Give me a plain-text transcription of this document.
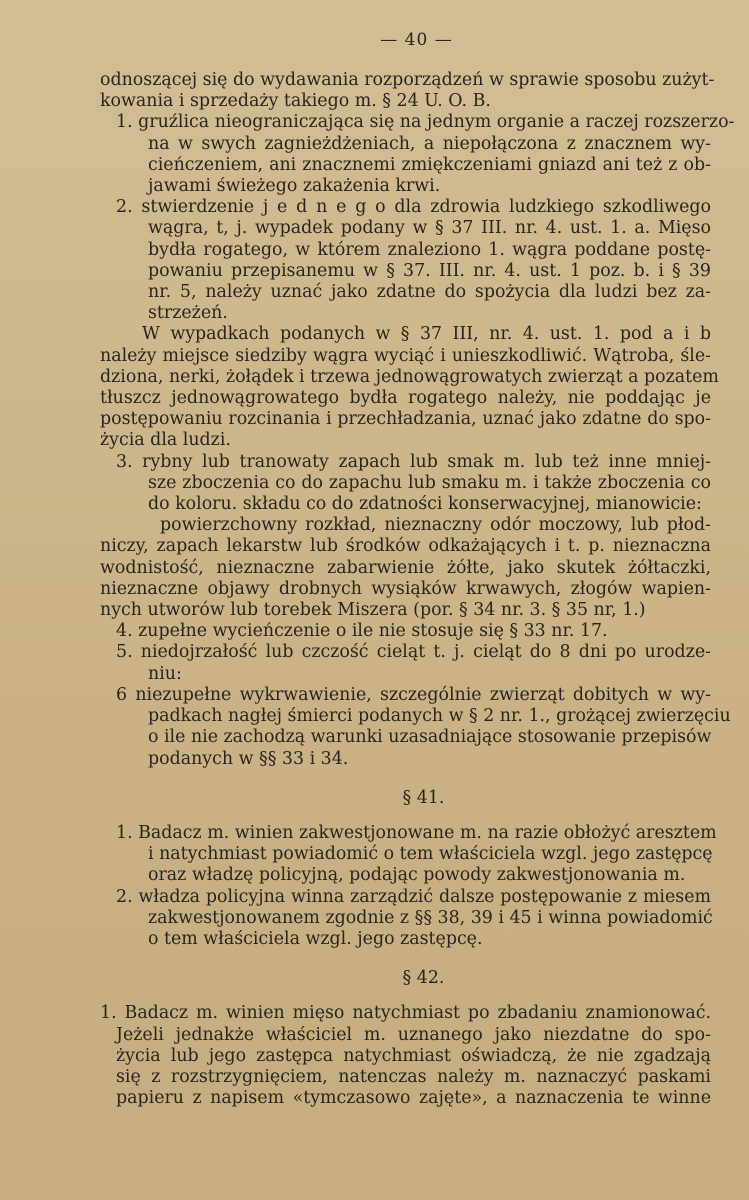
— 40 —
odnoszącej się do wydawania rozporządzeń w sprawie sposobu zużyt-
kowania i sprzedaży takiego m. § 24 U. O. B.
1. gruźlica nieograniczająca się na jednym organie a raczej rozszerzo-
na w swych zagnieżdżeniach, a niepołączona z znacznem wy-
cieńczeniem, ani znacznemi zmiękczeniami gniazd ani też z ob-
jawami świeżego zakażenia krwi.
2. stwierdzenie j e d n e g o dla zdrowia ludzkiego szkodliwego
wągra, t, j. wypadek podany w § 37 III. nr. 4. ust. 1. a. Mięso
bydła rogatego, w którem znaleziono 1. wągra poddane postę-
powaniu przepisanemu w § 37. III. nr. 4. ust. 1 poz. b. i § 39
nr. 5, należy uznać jako zdatne do spożycia dla ludzi bez za-
strzeżeń.
W wypadkach podanych w § 37 III, nr. 4. ust. 1. pod a i b
należy miejsce siedziby wągra wyciąć i unieszkodliwić. Wątroba, śle-
dziona, nerki, żołądek i trzewa jednowągrowatych zwierząt a pozatem
tłuszcz jednowągrowatego bydła rogatego należy, nie poddając je
postępowaniu rozcinania i przechładzania, uznać jako zdatne do spo-
życia dla ludzi.
3. rybny lub tranowaty zapach lub smak m. lub też inne mniej-
sze zboczenia co do zapachu lub smaku m. i także zboczenia co
do koloru. składu co do zdatności konserwacyjnej, mianowicie:
powierzchowny rozkład, nieznaczny odór moczowy, lub płod-
niczy, zapach lekarstw lub środków odkażających i t. p. nieznaczna
wodnistość, nieznaczne zabarwienie żółte, jako skutek żółtaczki,
nieznaczne objawy drobnych wysiąków krwawych, złogów wapien-
nych utworów lub torebek Miszera (por. § 34 nr. 3. § 35 nr, 1.)
4. zupełne wycieńczenie o ile nie stosuje się § 33 nr. 17.
5. niedojrzałość lub czczość cieląt t. j. cieląt do 8 dni po urodze-
niu:
6 niezupełne wykrwawienie, szczególnie zwierząt dobitych w wy-
padkach nagłej śmierci podanych w § 2 nr. 1., grożącej zwierzęciu
o ile nie zachodzą warunki uzasadniające stosowanie przepisów
podanych w §§ 33 i 34.
§ 41.
1. Badacz m. winien zakwestjonowane m. na razie obłożyć aresztem
i natychmiast powiadomić o tem właściciela wzgl. jego zastępcę
oraz władzę policyjną, podając powody zakwestjonowania m.
2. władza policyjna winna zarządzić dalsze postępowanie z miesem
zakwestjonowanem zgodnie z §§ 38, 39 i 45 i winna powiadomić
o tem właściciela wzgl. jego zastępcę.
§ 42.
1. Badacz m. winien mięso natychmiast po zbadaniu znamionować.
Jeżeli jednakże właściciel m. uznanego jako niezdatne do spo-
życia lub jego zastępca natychmiast oświadczą, że nie zgadzają
się z rozstrzygnięciem, natenczas należy m. naznaczyć paskami
papieru z napisem «tymczasowo zajęte», a naznaczenia te winne
